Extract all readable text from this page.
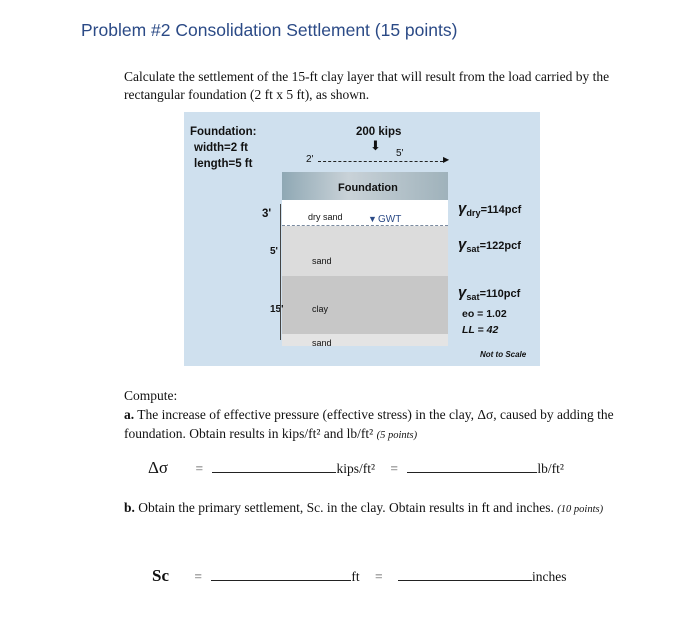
Problem #2 Consolidation Settlement (15 points)
Calculate the settlement of the 15-ft clay layer that will result from the load carried by the rectangular foundation (2 ft x 5 ft), as shown.
Foundation:
width=2 ft
length=5 ft
200 kips
⬇
2'
5'
▶
Foundation
dry sand	▼ GWT
sand
clay
sand
3'
5'
15'
$\gamma_{dry}=114pcf$
$\gamma_{sat}=122pcf$
$\gamma_{sat}=110pcf$
eo = 1.02
LL = 42
Not to Scale
Compute:
a. The increase of effective pressure (effective stress) in the clay, Δσ, caused by adding the foundation. Obtain results in kips/ft² and lb/ft² (5 points)
Δσ =	kips/ft² =	lb/ft²
b. Obtain the primary settlement, Sc. in the clay. Obtain results in ft and inches. (10 points)
Sc =	ft =	inches
